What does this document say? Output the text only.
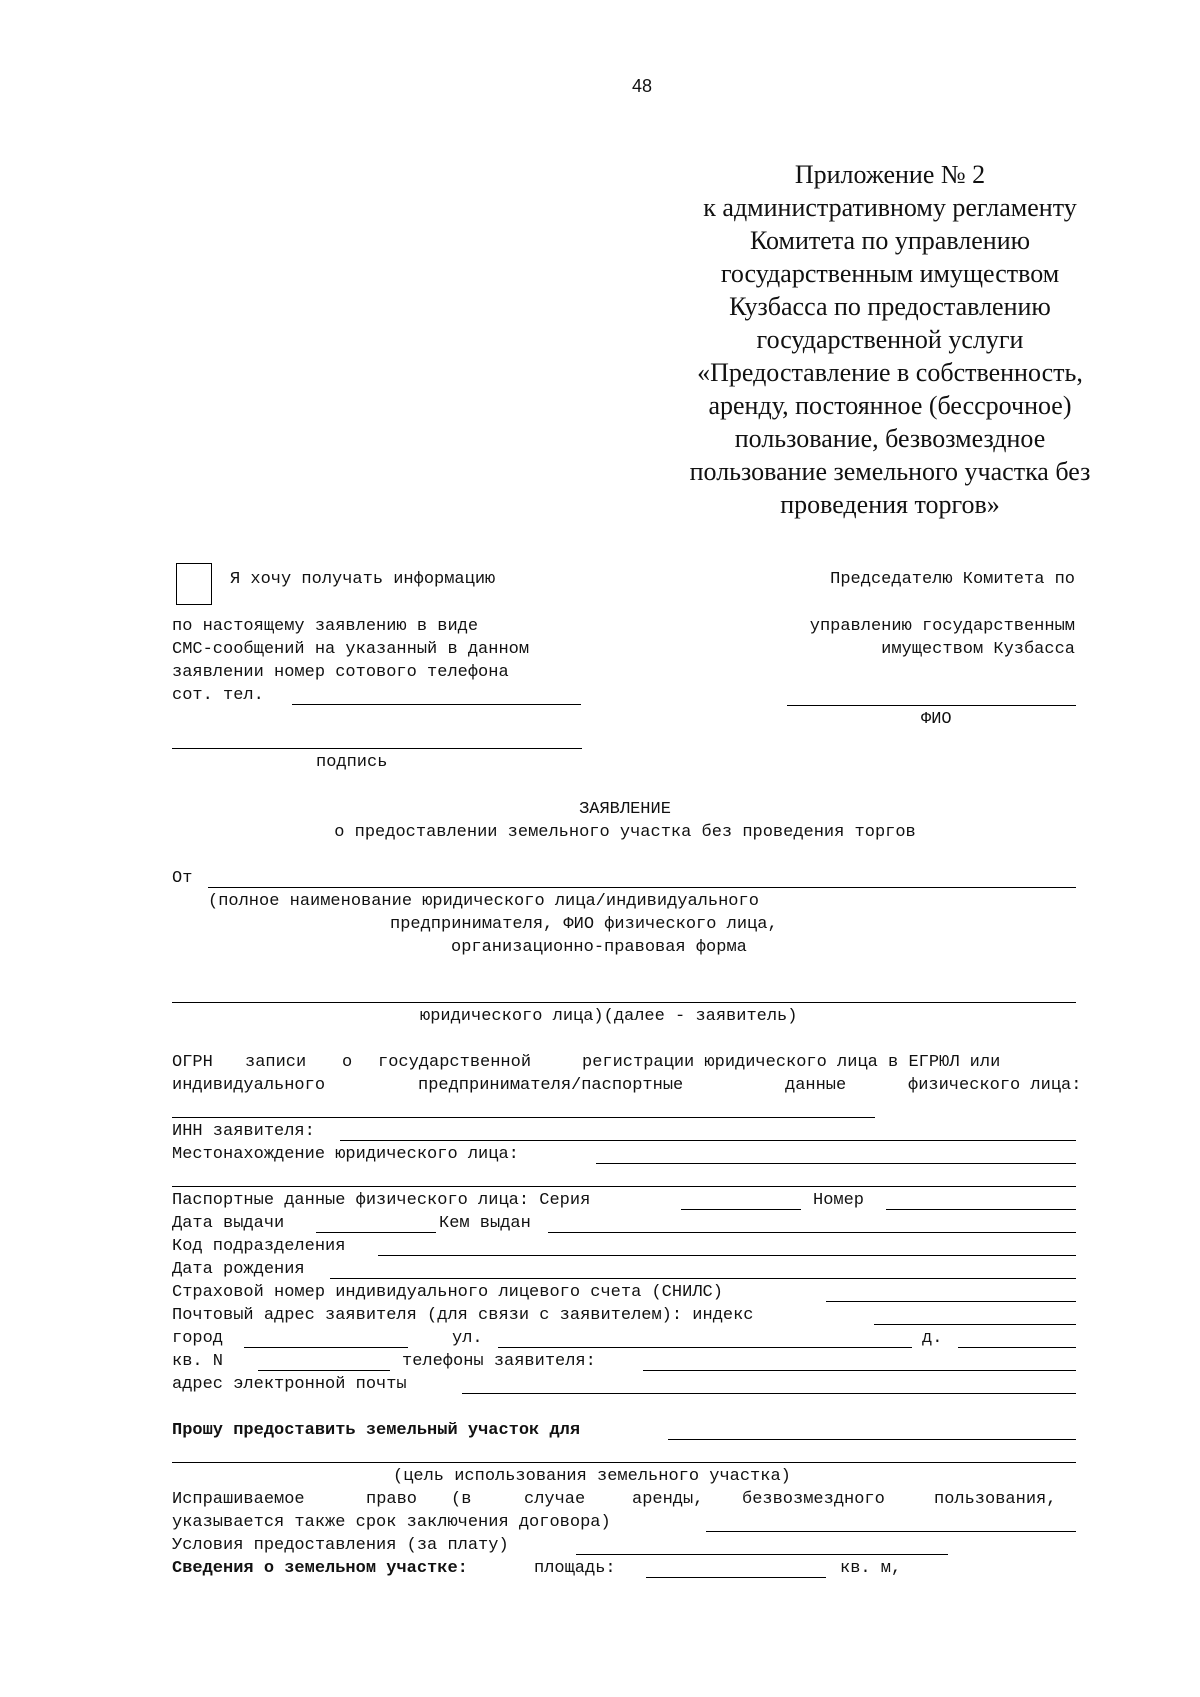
48
Приложение № 2
к административному регламенту
Комитета по управлению
государственным имуществом
Кузбасса по предоставлению
государственной услуги
«Предоставление в собственность,
аренду, постоянное (бессрочное)
пользование, безвозмездное
пользование земельного участка без
проведения торгов»
Я хочу получать информацию
по настоящему заявлению в виде
СМС-сообщений на указанный в данном
заявлении номер сотового телефона
сот. тел.
подпись
Председателю Комитета по
управлению государственным
имуществом Кузбасса
ФИО
ЗАЯВЛЕНИЕ
о предоставлении земельного участка без проведения торгов
От
(полное наименование юридического лица/индивидуального
предпринимателя, ФИО физического лица,
организационно-правовая форма
юридического лица)(далее - заявитель)
ОГРН записи о государственной	регистрации юридического лица в ЕГРЮЛ или
индивидуального	предпринимателя/паспортные	данные	физического лица:
ИНН заявителя:
Местонахождение юридического лица:
Паспортные данные физического лица: Серия	Номер
Дата выдачи	Кем выдан
Код подразделения
Дата рождения
Страховой номер индивидуального лицевого счета (СНИЛС)
Почтовый адрес заявителя (для связи с заявителем): индекс
город	ул.	д.
кв. N	телефоны заявителя:
адрес электронной почты
Прошу предоставить земельный участок для
(цель использования земельного участка)
Испрашиваемое	право (в	случае	аренды, безвозмездного	пользования,
указывается также срок заключения договора)
Условия предоставления (за плату)
Сведения о земельном участке:	площадь:	кв. м,
